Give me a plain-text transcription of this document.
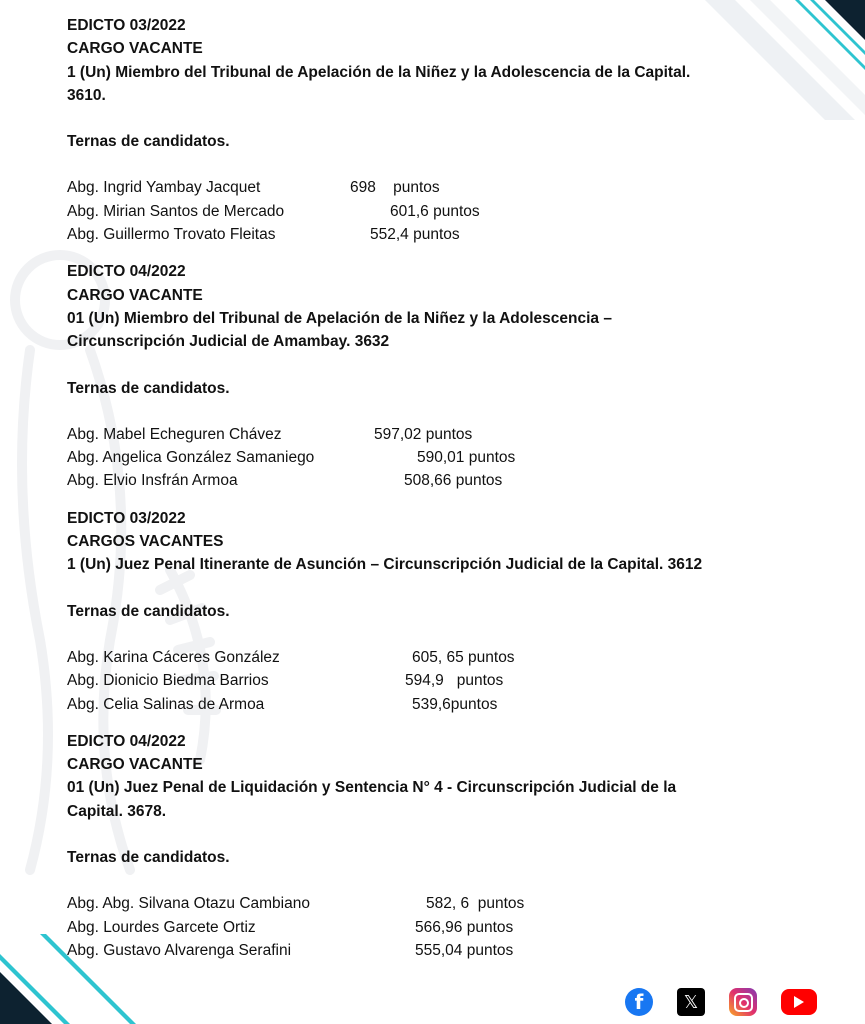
EDICTO 03/2022

CARGO VACANTE

1 (Un) Miembro del Tribunal de Apelación de la Niñez y la Adolescencia de la Capital.

3610.

Ternas de candidatos.

Abg. Ingrid Yambay Jacquet	698    puntos
Abg. Mirian Santos de Mercado	601,6 puntos
Abg. Guillermo Trovato Fleitas	552,4 puntos

EDICTO 04/2022

CARGO VACANTE

01 (Un) Miembro del Tribunal de Apelación de la Niñez y la Adolescencia –

Circunscripción Judicial de Amambay. 3632

Ternas de candidatos.

Abg. Mabel Echeguren Chávez	597,02 puntos
Abg. Angelica González Samaniego	590,01 puntos
Abg. Elvio Insfrán Armoa	508,66 puntos

EDICTO 03/2022

CARGOS VACANTES

1 (Un) Juez Penal Itinerante de Asunción – Circunscripción Judicial de la Capital. 3612

Ternas de candidatos.

Abg. Karina Cáceres González	605, 65 puntos
Abg. Dionicio Biedma Barrios	594,9   puntos
Abg. Celia Salinas de Armoa	539,6puntos

EDICTO 04/2022

CARGO VACANTE

01 (Un) Juez Penal de Liquidación y Sentencia N° 4 - Circunscripción Judicial de la

Capital. 3678.

Ternas de candidatos.

Abg. Abg. Silvana Otazu Cambiano	582, 6  puntos
Abg. Lourdes Garcete Ortiz	566,96 puntos
Abg. Gustavo Alvarenga Serafini	555,04 puntos
f 𝕏
